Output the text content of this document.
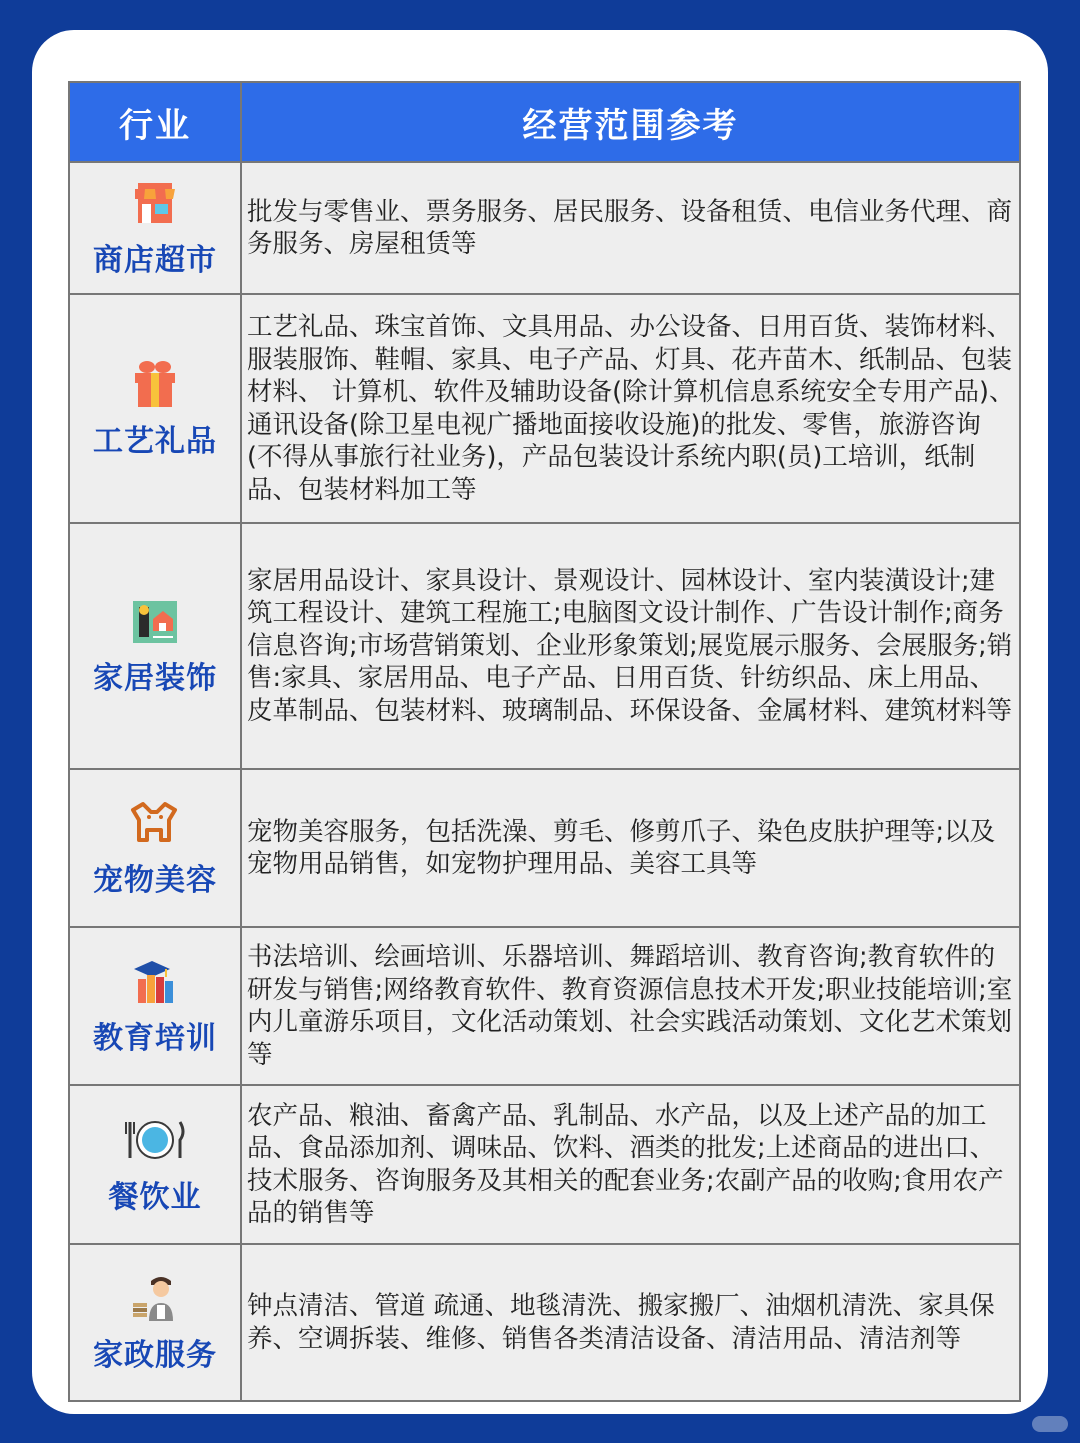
行业	经营范围参考

商店超市	批发与零售业、票务服务、居民服务、设备租赁、电信业务代理、商务服务、房屋租赁等

工艺礼品	工艺礼品、珠宝首饰、文具用品、办公设备、日用百货、装饰材料、服装服饰、鞋帽、家具、电子产品、灯具、花卉苗木、纸制品、包装材料、 计算机、软件及辅助设备(除计算机信息系统安全专用产品)、通讯设备(除卫星电视广播地面接收设施)的批发、零售，旅游咨询(不得从事旅行社业务)，产品包装设计系统内职(员)工培训，纸制品、包装材料加工等

家居装饰	家居用品设计、家具设计、景观设计、园林设计、室内装潢设计;建筑工程设计、建筑工程施工;电脑图文设计制作、广告设计制作;商务信息咨询;市场营销策划、企业形象策划;展览展示服务、会展服务;销售:家具、家居用品、电子产品、日用百货、针纺织品、床上用品、皮革制品、包装材料、玻璃制品、环保设备、金属材料、建筑材料等

宠物美容	宠物美容服务，包括洗澡、剪毛、修剪爪子、染色皮肤护理等;以及宠物用品销售，如宠物护理用品、美容工具等

教育培训	书法培训、绘画培训、乐器培训、舞蹈培训、教育咨询;教育软件的研发与销售;网络教育软件、教育资源信息技术开发;职业技能培训;室内儿童游乐项目，文化活动策划、社会实践活动策划、文化艺术策划等

餐饮业	农产品、粮油、畜禽产品、乳制品、水产品，以及上述产品的加工品、食品添加剂、调味品、饮料、酒类的批发;上述商品的进出口、技术服务、咨询服务及其相关的配套业务;农副产品的收购;食用农产品的销售等

家政服务	钟点清洁、管道 疏通、地毯清洗、搬家搬厂、油烟机清洗、家具保养、空调拆装、维修、销售各类清洁设备、清洁用品、清洁剂等
